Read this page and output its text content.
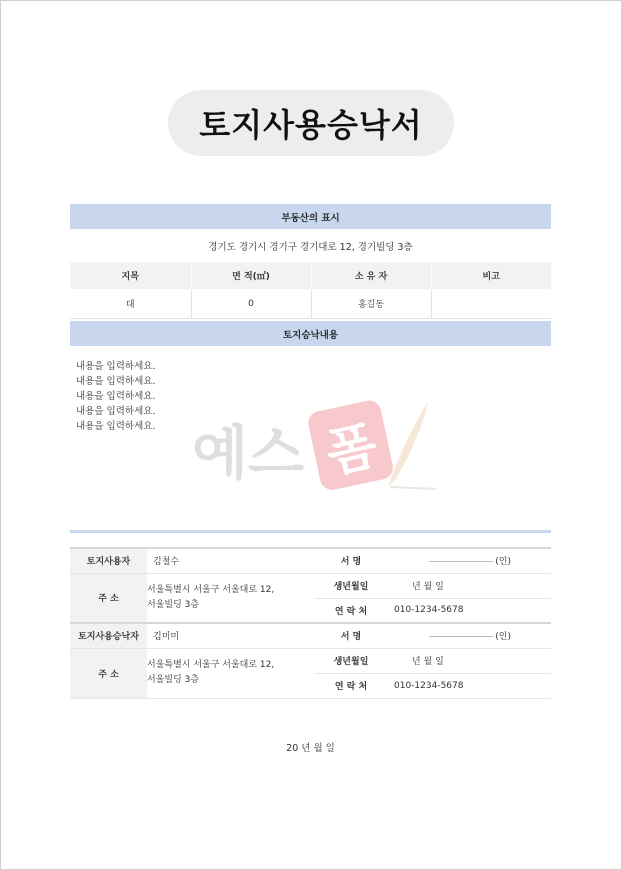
토지사용승낙서
부동산의 표시
경기도 경기시 경기구 경기대로 12, 경기빌딩 3층
지목	면 적(㎡)	소 유 자	비고
대	0	홍길동	
토지승낙내용
내용을 입력하세요.
내용을 입력하세요.
내용을 입력하세요.
내용을 입력하세요.
내용을 입력하세요. 예스 폼
토지사용자	김철수	서 명	(인)
주 소	서울특별시 서울구 서울대로 12,
서울빌딩 3층	생년월일	년 월 일
		연 락 처	010-1234-5678
토지사용승낙자	김미미	서 명	(인)
주 소	서울특별시 서울구 서울대로 12,
서울빌딩 3층	생년월일	년 월 일
		연 락 처	010-1234-5678
20 년 월 일
